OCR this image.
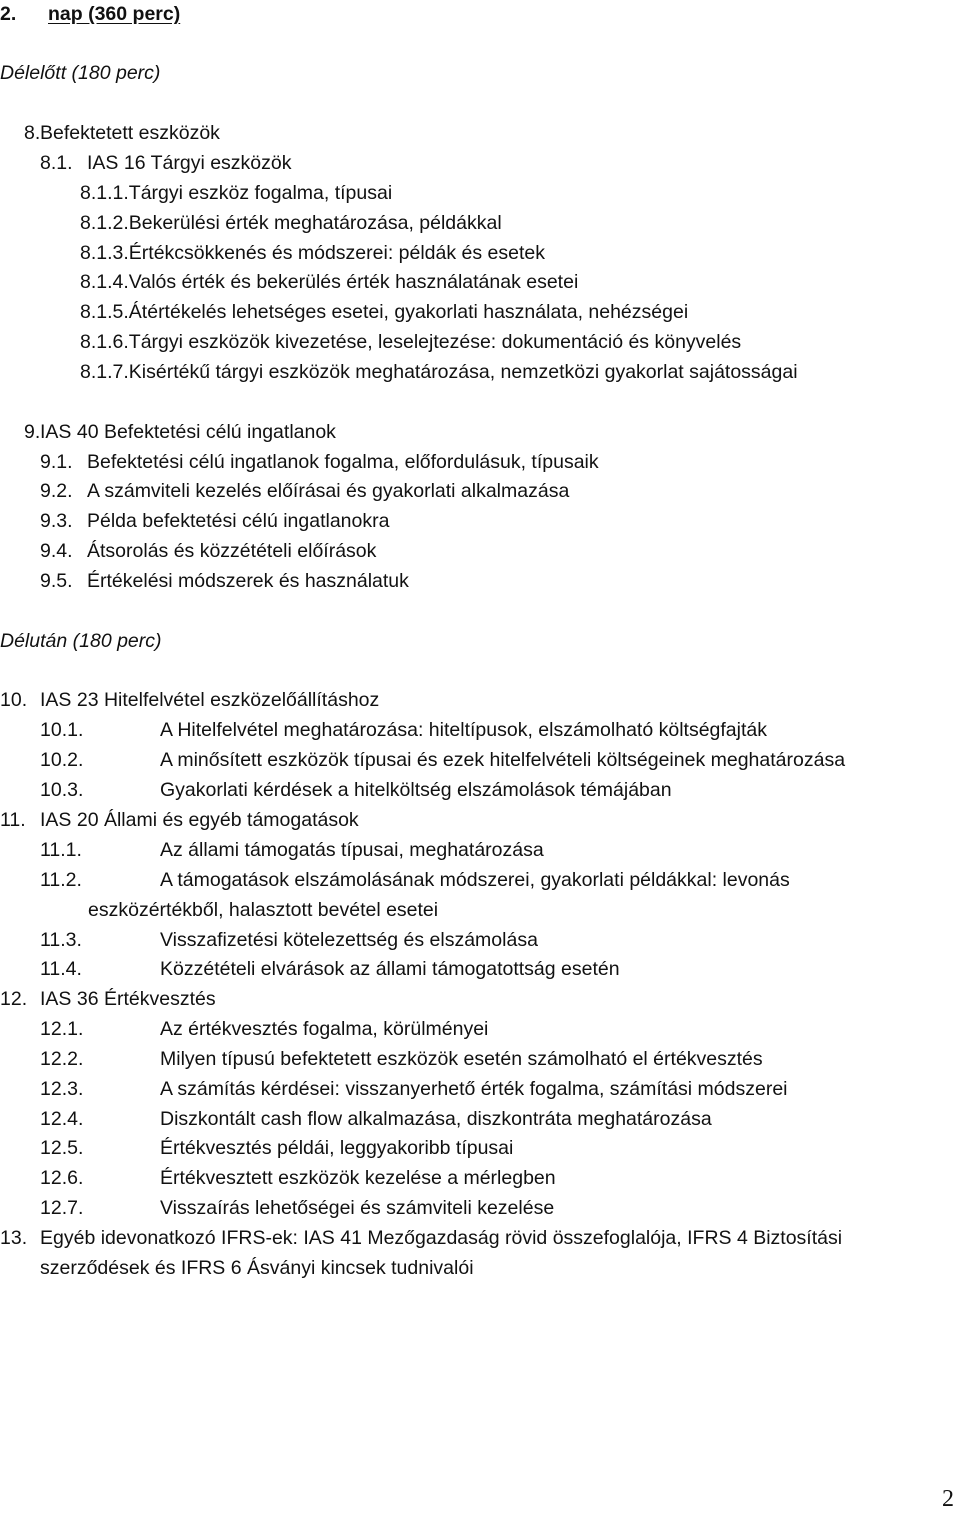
2. nap (360 perc)
Délelőtt (180 perc)
8.Befektetett eszközök
8.1. IAS 16 Tárgyi eszközök
8.1.1.Tárgyi eszköz fogalma, típusai
8.1.2.Bekerülési érték meghatározása, példákkal
8.1.3.Értékcsökkenés és módszerei: példák és esetek
8.1.4.Valós érték és bekerülés érték használatának esetei
8.1.5.Átértékelés lehetséges esetei, gyakorlati használata, nehézségei
8.1.6.Tárgyi eszközök kivezetése, leselejtezése: dokumentáció és könyvelés
8.1.7.Kisértékű tárgyi eszközök meghatározása, nemzetközi gyakorlat sajátosságai
9.IAS 40 Befektetési célú ingatlanok
9.1. Befektetési célú ingatlanok fogalma, előfordulásuk, típusaik
9.2. A számviteli kezelés előírásai és gyakorlati alkalmazása
9.3. Példa befektetési célú ingatlanokra
9.4. Átsorolás és közzétételi előírások
9.5. Értékelési módszerek és használatuk
Délután (180 perc)
10. IAS 23 Hitelfelvétel eszközelőállításhoz
10.1.	A Hitelfelvétel meghatározása: hiteltípusok, elszámolható költségfajták
10.2.	A minősített eszközök típusai és ezek hitelfelvételi költségeinek meghatározása
10.3.	Gyakorlati kérdések a hitelköltség elszámolások témájában
11. IAS 20 Állami és egyéb támogatások
11.1.	Az állami támogatás típusai, meghatározása
11.2.	A támogatások elszámolásának módszerei, gyakorlati példákkal: levonás
eszközértékből, halasztott bevétel esetei
11.3.	Visszafizetési kötelezettség és elszámolása
11.4.	Közzétételi elvárások az állami támogatottság esetén
12. IAS 36 Értékvesztés
12.1.	Az értékvesztés fogalma, körülményei
12.2.	Milyen típusú befektetett eszközök esetén számolható el értékvesztés
12.3.	A számítás kérdései: visszanyerhető érték fogalma, számítási módszerei
12.4.	Diszkontált cash flow alkalmazása, diszkontráta meghatározása
12.5.	Értékvesztés példái, leggyakoribb típusai
12.6.	Értékvesztett eszközök kezelése a mérlegben
12.7.	Visszaírás lehetőségei és számviteli kezelése
13. Egyéb idevonatkozó IFRS-ek: IAS 41 Mezőgazdaság rövid összefoglalója, IFRS 4 Biztosítási
szerződések és IFRS 6 Ásványi kincsek tudnivalói
2
